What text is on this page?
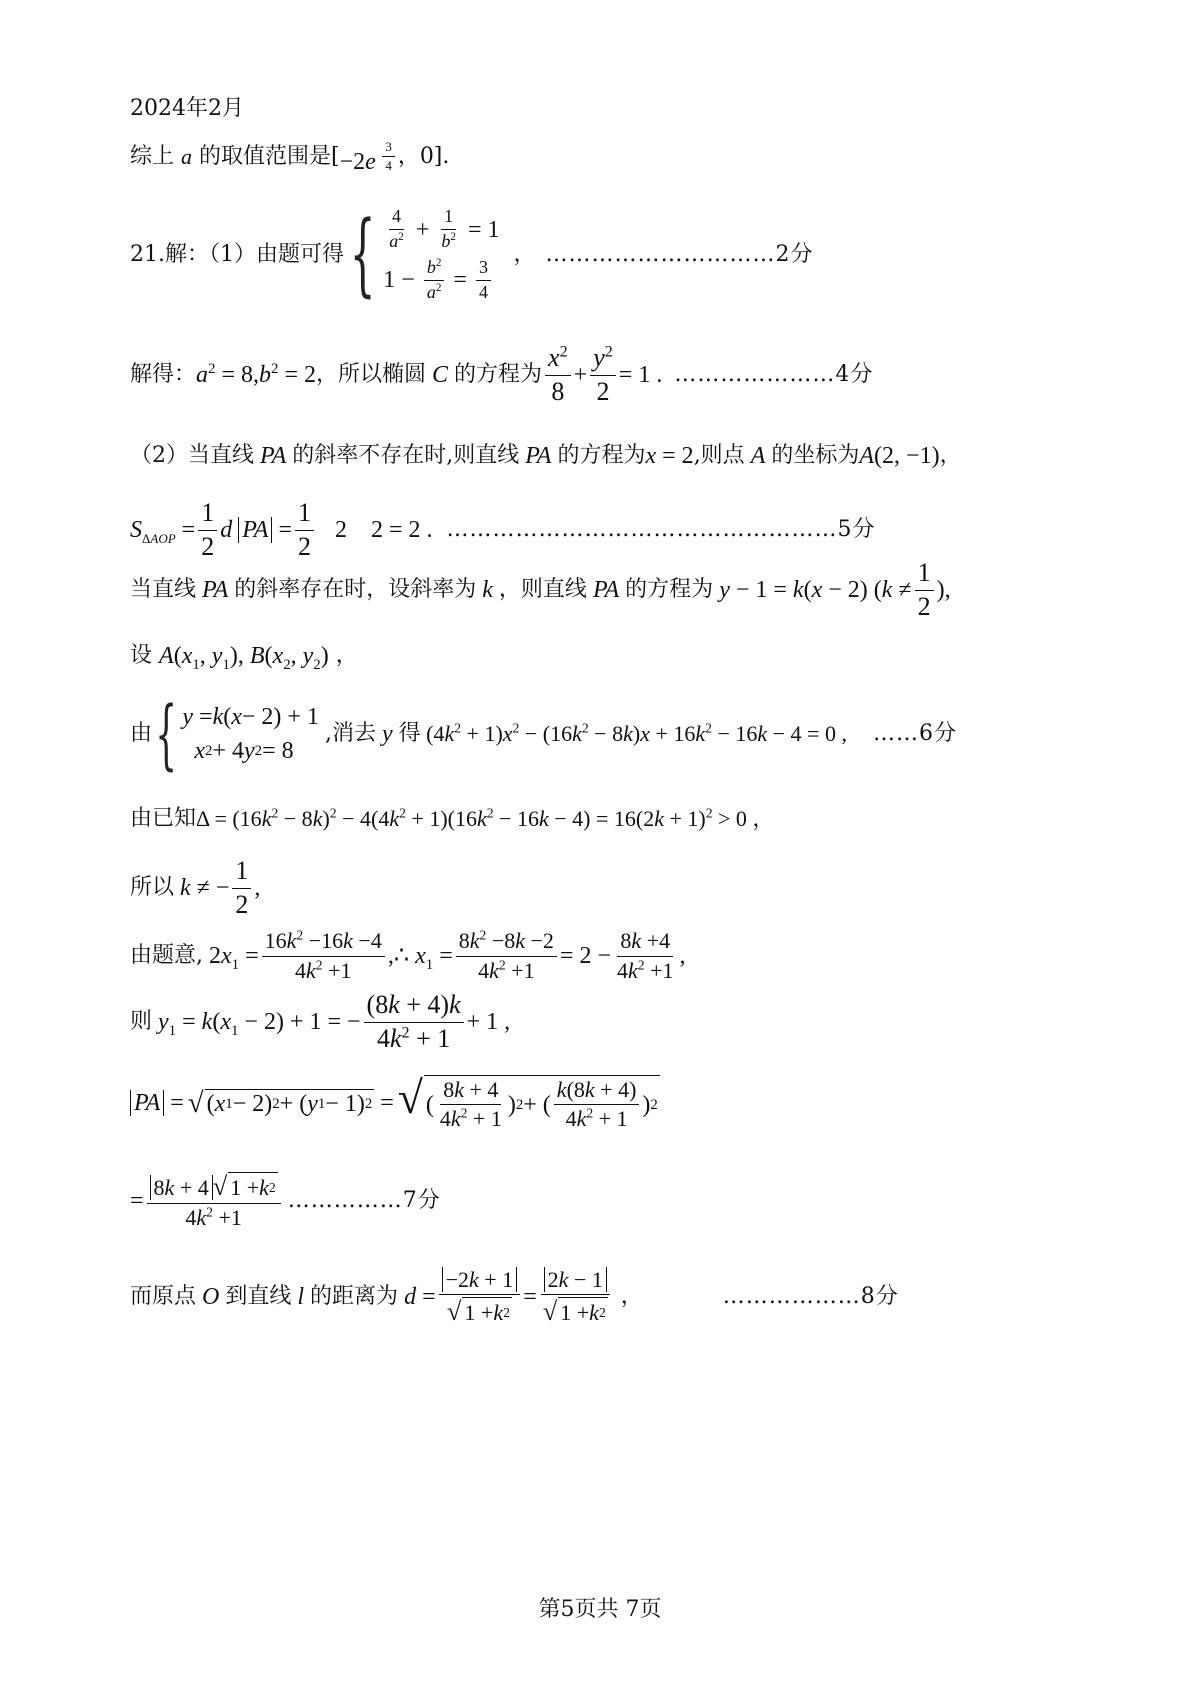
2024年2月
综上
a
的取值范围是[ −2e $^{\frac{3}{4}}$ ，0].
21.解：（1）由题可得 { $\frac{4}{a^2} + \frac{1}{b^2} = 1$
$1 - \frac{b^2}{a^2} = \frac{3}{4}$
， …………………………2分
解得： $a^2 = 8,b^2 = 2$ ，所以椭圆 C 的方程为 $\frac{x^2}{8} + \frac{y^2}{2} = 1$ . …………………4分
（2）当直线 PA 的斜率不存在时,则直线 PA 的方程为 x = 2 ,则点 A 的坐标为 A(2, −1) ，
$S_{\Delta AOP} = \frac{1}{2}$ d PA = $\frac{1}{2} 2$    2 = 2 . ……………………………………………5分
当直线 PA 的斜率存在时，设斜率为 k ，则直线 PA 的方程为 y − 1 = k(x − 2) ($k \ne \frac{1}{2}$ ),
设
$A(x_1$, $y_1$), $B(x_2$, $y_2$) ，
由 { y = k ( x − 2) + 1

x 2 + 4 y 2 = 8
,消去 y 得 $(4k^2 + 1)x^2 - (16k^2 - 8k)x + 16k^2 - 16k - 4 = 0$ , ……6分
由已知 $\Delta = (16k^2 - 8k)^2 - 4(4k^2 + 1)(16k^2 - 16k - 4) = 16(2k + 1)^2 > 0$ ，
所以 k ≠ − $\frac{1}{2}$ ,
由题意, $2x_1 = \frac{16k^2 -16k -4}{4k^2 +1}$ ,∴ $x_1 = \frac{8k^2 -8k -2}{4k^2 +1} = 2 - \frac{8k +4}{4k^2 +1}$ ,
则 $y_1 = k(x_1 - 2) + 1$ = − $\frac{(8k + 4)k}{4k^2 + 1} + 1$ ,
PA = √ ( x 1 − 2) 2 + ( y 1 − 1) 2 = √ ( $\frac{8k + 4}{4k^2 + 1}$ ) 2 + ( $\frac{k(8k + 4)}{4k^2 + 1}$ ) 2
= $\frac{8k + 4 √ 1 + k 2}{4k^2 +1}$ ……………7分
而原点 O 到直线 l 的距离为 $d = \frac{-2k + 1}{√ 1 + k 2} = \frac{2k - 1}{√ 1 + k 2}$ ，	………………8分
第5页共 7页
